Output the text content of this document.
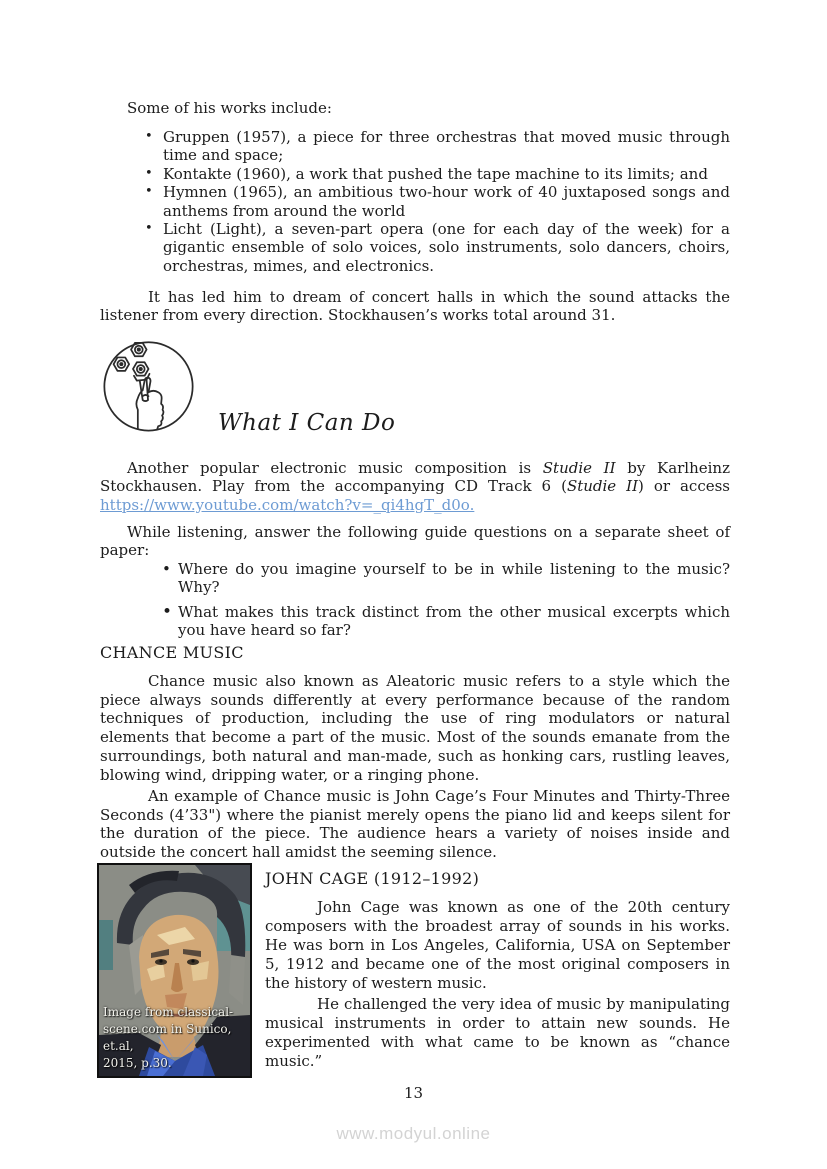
Some of his works include:
• Gruppen (1957), a piece for three orchestras that moved music through time and space;
• Kontakte (1960), a work that pushed the tape machine to its limits; and
• Hymnen (1965), an ambitious two-hour work of 40 juxtaposed songs and anthems from around the world
• Licht (Light), a seven-part opera (one for each day of the week) for a gigantic ensemble of solo voices, solo instruments, solo dancers, choirs, orchestras, mimes, and electronics.
It has led him to dream of concert halls in which the sound attacks the listener from every direction. Stockhausen’s works total around 31.
What I Can Do

Another popular electronic music composition is Studie II by Karlheinz Stockhausen. Play from the accompanying CD Track 6 (Studie II) or access https://www.youtube.com/watch?v=_qi4hgT_d0o.

While listening, answer the following guide questions on a separate sheet of paper:
• Where do you imagine yourself to be in while listening to the music? Why?
• What makes this track distinct from the other musical excerpts which you have heard so far?
CHANCE MUSIC
Chance music also known as Aleatoric music refers to a style which the piece always sounds differently at every performance because of the random techniques of production, including the use of ring modulators or natural elements that become a part of the music. Most of the sounds emanate from the surroundings, both natural and man-made, such as honking cars, rustling leaves, blowing wind, dripping water, or a ringing phone.
An example of Chance music is John Cage’s Four Minutes and Thirty-Three Seconds (4’33") where the pianist merely opens the piano lid and keeps silent for the duration of the piece. The audience hears a variety of noises inside and outside the concert hall amidst the seeming silence.
Image from classical-
scene.com in Sunico, et.al,
2015, p.30.
JOHN CAGE (1912–1992)
John Cage was known as one of the 20th century composers with the broadest array of sounds in his works. He was born in Los Angeles, California, USA on September 5, 1912 and became one of the most original composers in the history of western music.
He challenged the very idea of music by manipulating musical instruments in order to attain new sounds. He experimented with what came to be known as “chance music.”
13
www.modyul.online
